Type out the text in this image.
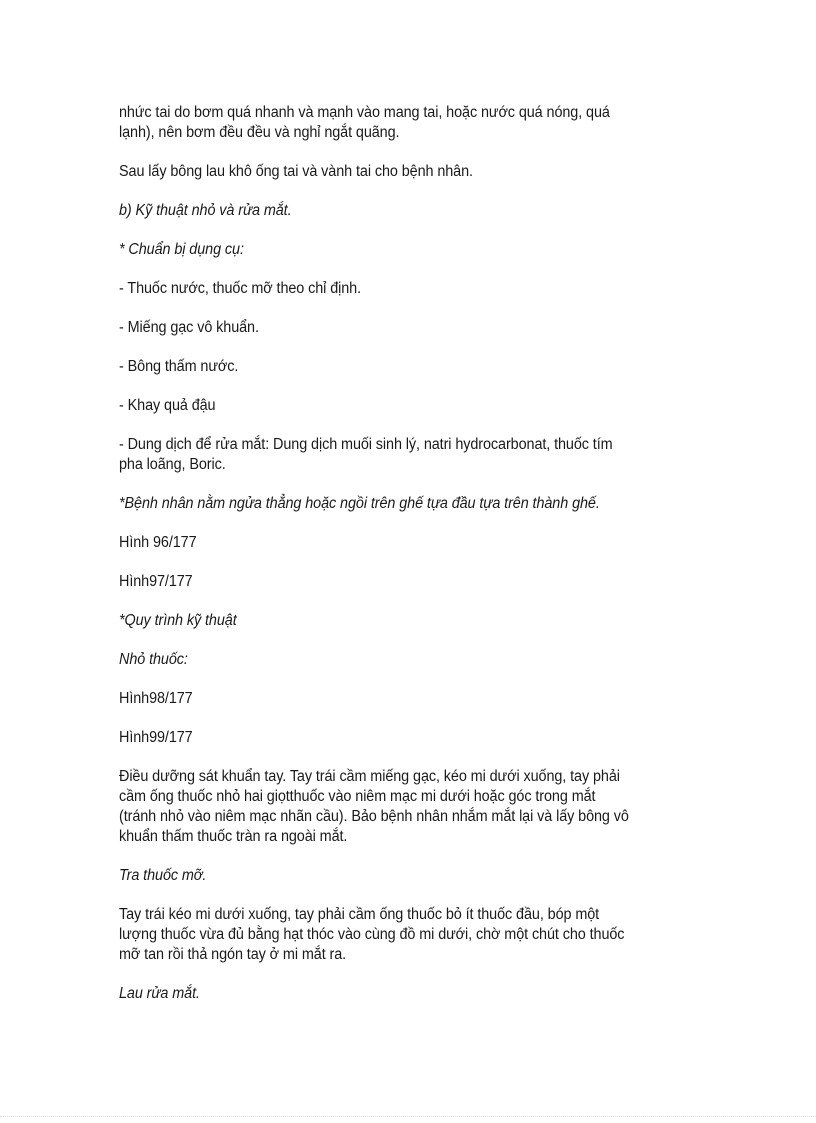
nhức tai do bơm quá nhanh và mạnh vào mang tai, hoặc nước quá nóng, quá
lạnh), nên bơm đều đều và nghỉ ngắt quãng.

Sau lấy bông lau khô ống tai và vành tai cho bệnh nhân.

b) Kỹ thuật nhỏ và rửa mắt.

* Chuẩn bị dụng cụ:

- Thuốc nước, thuốc mỡ theo chỉ định.

- Miếng gạc vô khuẩn.

- Bông thấm nước.

- Khay quả đậu

- Dung dịch để rửa mắt: Dung dịch muối sinh lý, natri hydrocarbonat, thuốc tím
pha loãng, Boric.

*Bệnh nhân nằm ngửa thẳng hoặc ngồi trên ghế tựa đầu tựa trên thành ghế.

Hình 96/177

Hình97/177

*Quy trình kỹ thuật

Nhỏ thuốc:

Hình98/177

Hình99/177

Điều dưỡng sát khuẩn tay. Tay trái cầm miếng gạc, kéo mi dưới xuống, tay phải
cầm ống thuốc nhỏ hai giọtthuốc vào niêm mạc mi dưới hoặc góc trong mắt
(tránh nhỏ vào niêm mạc nhãn cầu). Bảo bệnh nhân nhắm mắt lại và lấy bông vô
khuẩn thấm thuốc tràn ra ngoài mắt.

Tra thuốc mỡ.

Tay trái kéo mi dưới xuống, tay phải cầm ống thuốc bỏ ít thuốc đầu, bóp một
lượng thuốc vừa đủ bằng hạt thóc vào cùng đồ mi dưới, chờ một chút cho thuốc
mỡ tan rồi thả ngón tay ở mi mắt ra.

Lau rửa mắt.
